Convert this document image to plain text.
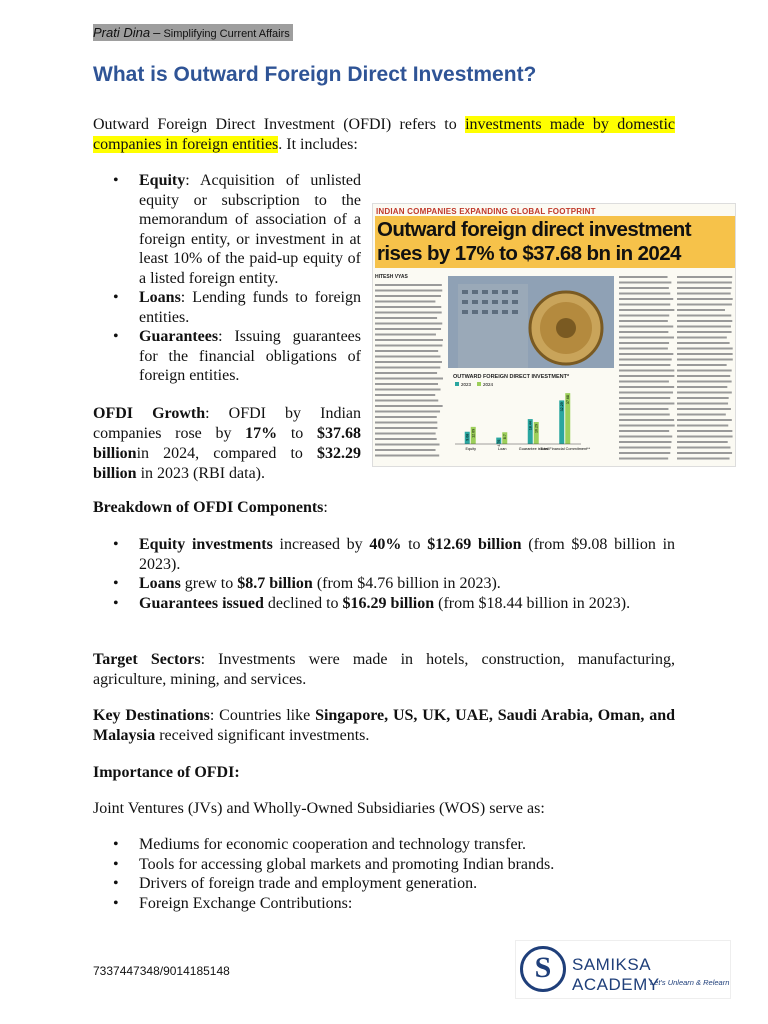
Prati Dina – Simplifying Current Affairs
What is Outward Foreign Direct Investment?

Outward Foreign Direct Investment (OFDI) refers to investments made by domestic companies in foreign entities. It includes:

• Equity: Acquisition of unlisted equity or subscription to the memorandum of association of a foreign entity, or investment in at least 10% of the paid-up equity of a listed foreign entity.
• Loans: Lending funds to foreign entities.
• Guarantees: Issuing guarantees for the financial obligations of foreign entities.

OFDI Growth: OFDI by Indian companies rose by 17% to $37.68 billionin 2024, compared to $32.29 billion in 2023 (RBI data).

INDIAN COMPANIES EXPANDING GLOBAL FOOTPRINT
Outward foreign direct investment
rises by 17% to $37.68 bn in 2024
HITESH VYAS
OUTWARD FOREIGN DIRECT INVESTMENT*
2023	2024
9.08 12.69
Equity
4.76
8.7
Loan
18.44 16.29
Guarantee issued
32.29
37.68
Total Financial Commitment**

Breakdown of OFDI Components:

• Equity investments increased by 40% to $12.69 billion (from $9.08 billion in 2023).
• Loans grew to $8.7 billion (from $4.76 billion in 2023).
• Guarantees issued declined to $16.29 billion (from $18.44 billion in 2023).

Target Sectors: Investments were made in hotels, construction, manufacturing, agriculture, mining, and services.

Key Destinations: Countries like Singapore, US, UK, UAE, Saudi Arabia, Oman, and Malaysia received significant investments.

Importance of OFDI:

Joint Ventures (JVs) and Wholly-Owned Subsidiaries (WOS) serve as:

• Mediums for economic cooperation and technology transfer.
• Tools for accessing global markets and promoting Indian brands.
• Drivers of foreign trade and employment generation.
• Foreign Exchange Contributions:
7337447348/9014185148	S	SAMIKSA ACADEMY
Let's Unlearn & Relearn
